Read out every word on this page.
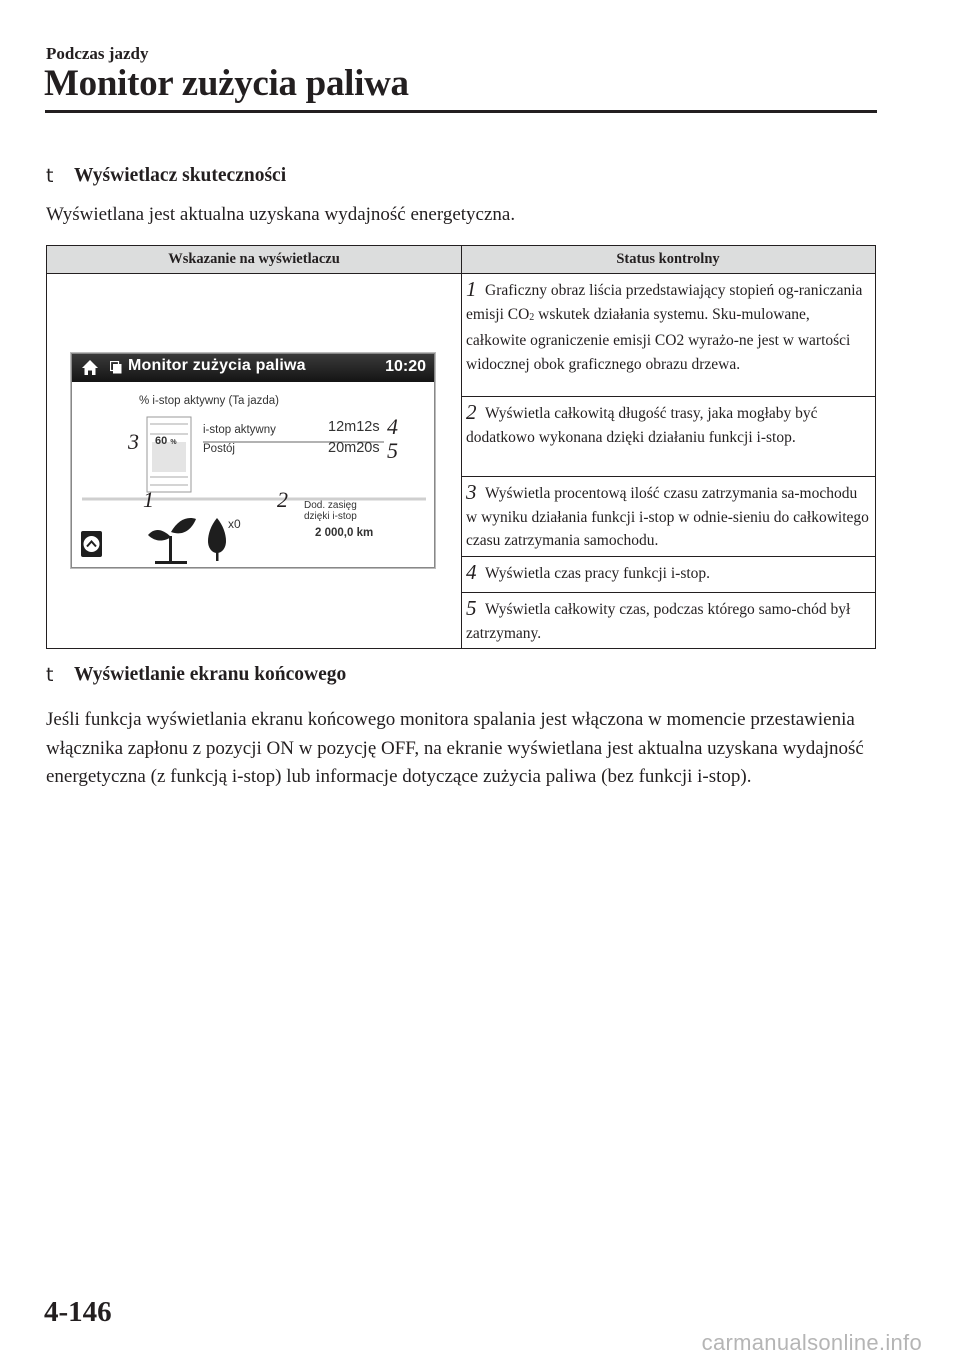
Podczas jazdy
Monitor zużycia paliwa
t	Wyświetlacz skuteczności
Wyświetlana jest aktualna uzyskana wydajność energetyczna.
Wskazanie na wyświetlaczu	Status kontrolny
Monitor zużycia paliwa	10:20
% i-stop aktywny (Ta jazda)
i-stop aktywny
Postój
12m12s
20m20s
60 %
x0
Dod. zasięg
dzięki i-stop
2 000,0 km
1	2
3
4
5
1 Graficzny obraz liścia przedstawiający stopień og-raniczania emisji $CO_2$ wskutek działania systemu. Sku-mulowane, całkowite ograniczenie emisji CO2 wyrażo-ne jest w wartości widocznej obok graficznego obrazu drzewa.
2 Wyświetla całkowitą długość trasy, jaka mogłaby być dodatkowo wykonana dzięki działaniu funkcji i-stop.
3 Wyświetla procentową ilość czasu zatrzymania sa-mochodu w wyniku działania funkcji i-stop w odnie-sieniu do całkowitego czasu zatrzymania samochodu.
4 Wyświetla czas pracy funkcji i-stop.
5 Wyświetla całkowity czas, podczas którego samo-chód był zatrzymany.
t	Wyświetlanie ekranu końcowego
Jeśli funkcja wyświetlania ekranu końcowego monitora spalania jest włączona w momencie przestawienia włącznika zapłonu z pozycji ON w pozycję OFF, na ekranie wyświetlana jest aktualna uzyskana wydajność energetyczna (z funkcją i-stop) lub informacje dotyczące zużycia paliwa (bez funkcji i-stop).
4-146
carmanualsonline.info
